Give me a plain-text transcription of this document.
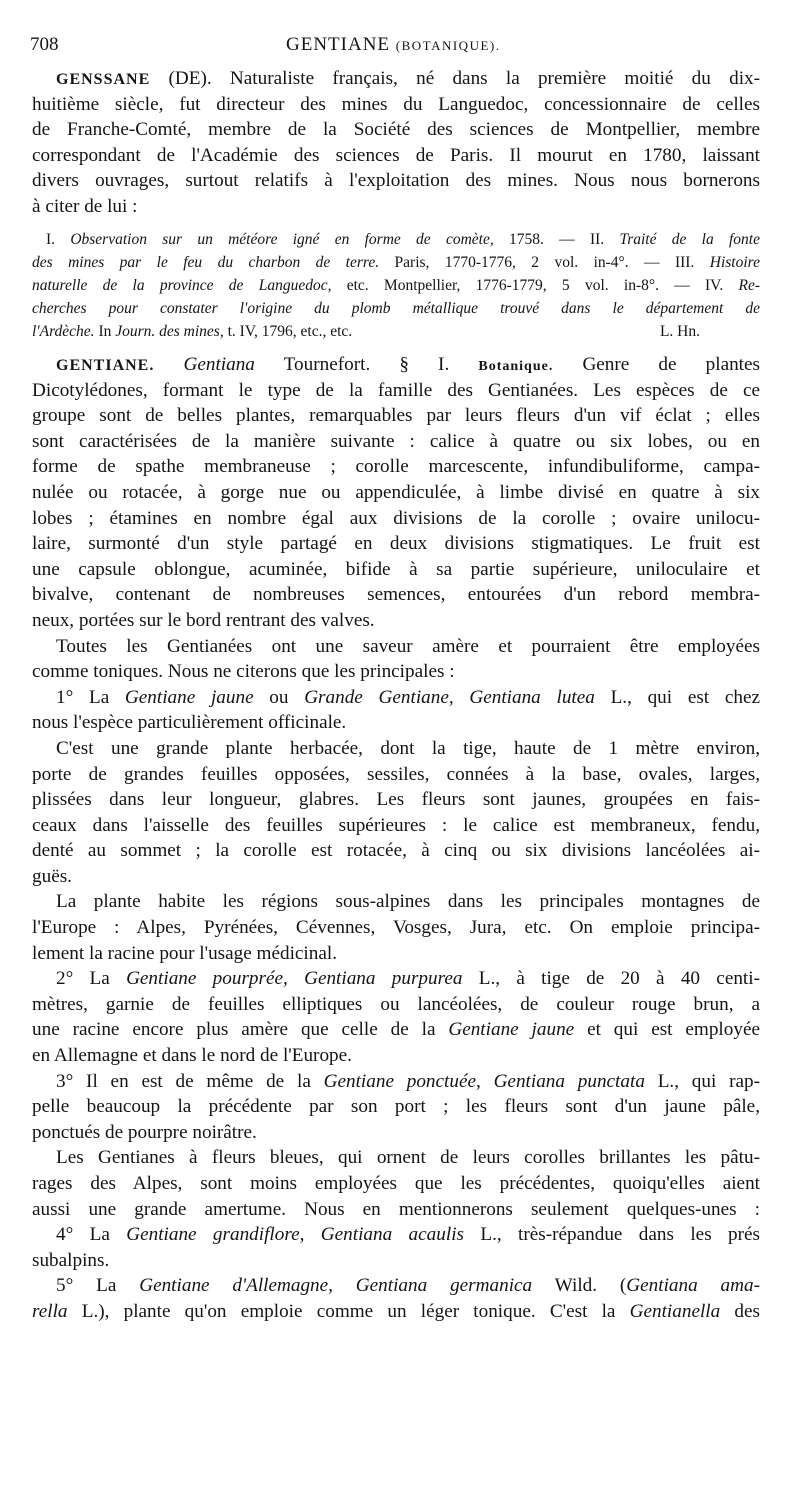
708	GENTIANE (BOTANIQUE).
GENSSANE (DE). Naturaliste français, né dans la première moitié du dix-
huitième siècle, fut directeur des mines du Languedoc, concessionnaire de celles
de Franche-Comté, membre de la Société des sciences de Montpellier, membre
correspondant de l'Académie des sciences de Paris. Il mourut en 1780, laissant
divers ouvrages, surtout relatifs à l'exploitation des mines. Nous nous bornerons
à citer de lui :
I. Observation sur un météore igné en forme de comète, 1758. — II. Traité de la fonte
des mines par le feu du charbon de terre. Paris, 1770-1776, 2 vol. in-4°. — III. Histoire
naturelle de la province de Languedoc, etc. Montpellier, 1776-1779, 5 vol. in-8°. — IV. Re-
cherches pour constater l'origine du plomb métallique trouvé dans le département de
l'Ardèche. In Journ. des mines, t. IV, 1796, etc., etc.	L. Hn.
GENTIANE. Gentiana Tournefort. § I. Botanique. Genre de plantes
Dicotylédones, formant le type de la famille des Gentianées. Les espèces de ce
groupe sont de belles plantes, remarquables par leurs fleurs d'un vif éclat ; elles
sont caractérisées de la manière suivante : calice à quatre ou six lobes, ou en
forme de spathe membraneuse ; corolle marcescente, infundibuliforme, campa-
nulée ou rotacée, à gorge nue ou appendiculée, à limbe divisé en quatre à six
lobes ; étamines en nombre égal aux divisions de la corolle ; ovaire unilocu-
laire, surmonté d'un style partagé en deux divisions stigmatiques. Le fruit est
une capsule oblongue, acuminée, bifide à sa partie supérieure, uniloculaire et
bivalve, contenant de nombreuses semences, entourées d'un rebord membra-
neux, portées sur le bord rentrant des valves.
Toutes les Gentianées ont une saveur amère et pourraient être employées
comme toniques. Nous ne citerons que les principales :
1° La Gentiane jaune ou Grande Gentiane, Gentiana lutea L., qui est chez
nous l'espèce particulièrement officinale.
C'est une grande plante herbacée, dont la tige, haute de 1 mètre environ,
porte de grandes feuilles opposées, sessiles, connées à la base, ovales, larges,
plissées dans leur longueur, glabres. Les fleurs sont jaunes, groupées en fais-
ceaux dans l'aisselle des feuilles supérieures : le calice est membraneux, fendu,
denté au sommet ; la corolle est rotacée, à cinq ou six divisions lancéolées ai-
guës.
La plante habite les régions sous-alpines dans les principales montagnes de
l'Europe : Alpes, Pyrénées, Cévennes, Vosges, Jura, etc. On emploie principa-
lement la racine pour l'usage médicinal.
2° La Gentiane pourprée, Gentiana purpurea L., à tige de 20 à 40 centi-
mètres, garnie de feuilles elliptiques ou lancéolées, de couleur rouge brun, a
une racine encore plus amère que celle de la Gentiane jaune et qui est employée
en Allemagne et dans le nord de l'Europe.
3° Il en est de même de la Gentiane ponctuée, Gentiana punctata L., qui rap-
pelle beaucoup la précédente par son port ; les fleurs sont d'un jaune pâle,
ponctués de pourpre noirâtre.
Les Gentianes à fleurs bleues, qui ornent de leurs corolles brillantes les pâtu-
rages des Alpes, sont moins employées que les précédentes, quoiqu'elles aient
aussi une grande amertume. Nous en mentionnerons seulement quelques-unes :
4° La Gentiane grandiflore, Gentiana acaulis L., très-répandue dans les prés
subalpins.
5° La Gentiane d'Allemagne, Gentiana germanica Wild. (Gentiana ama-
rella L.), plante qu'on emploie comme un léger tonique. C'est la Gentianella des
